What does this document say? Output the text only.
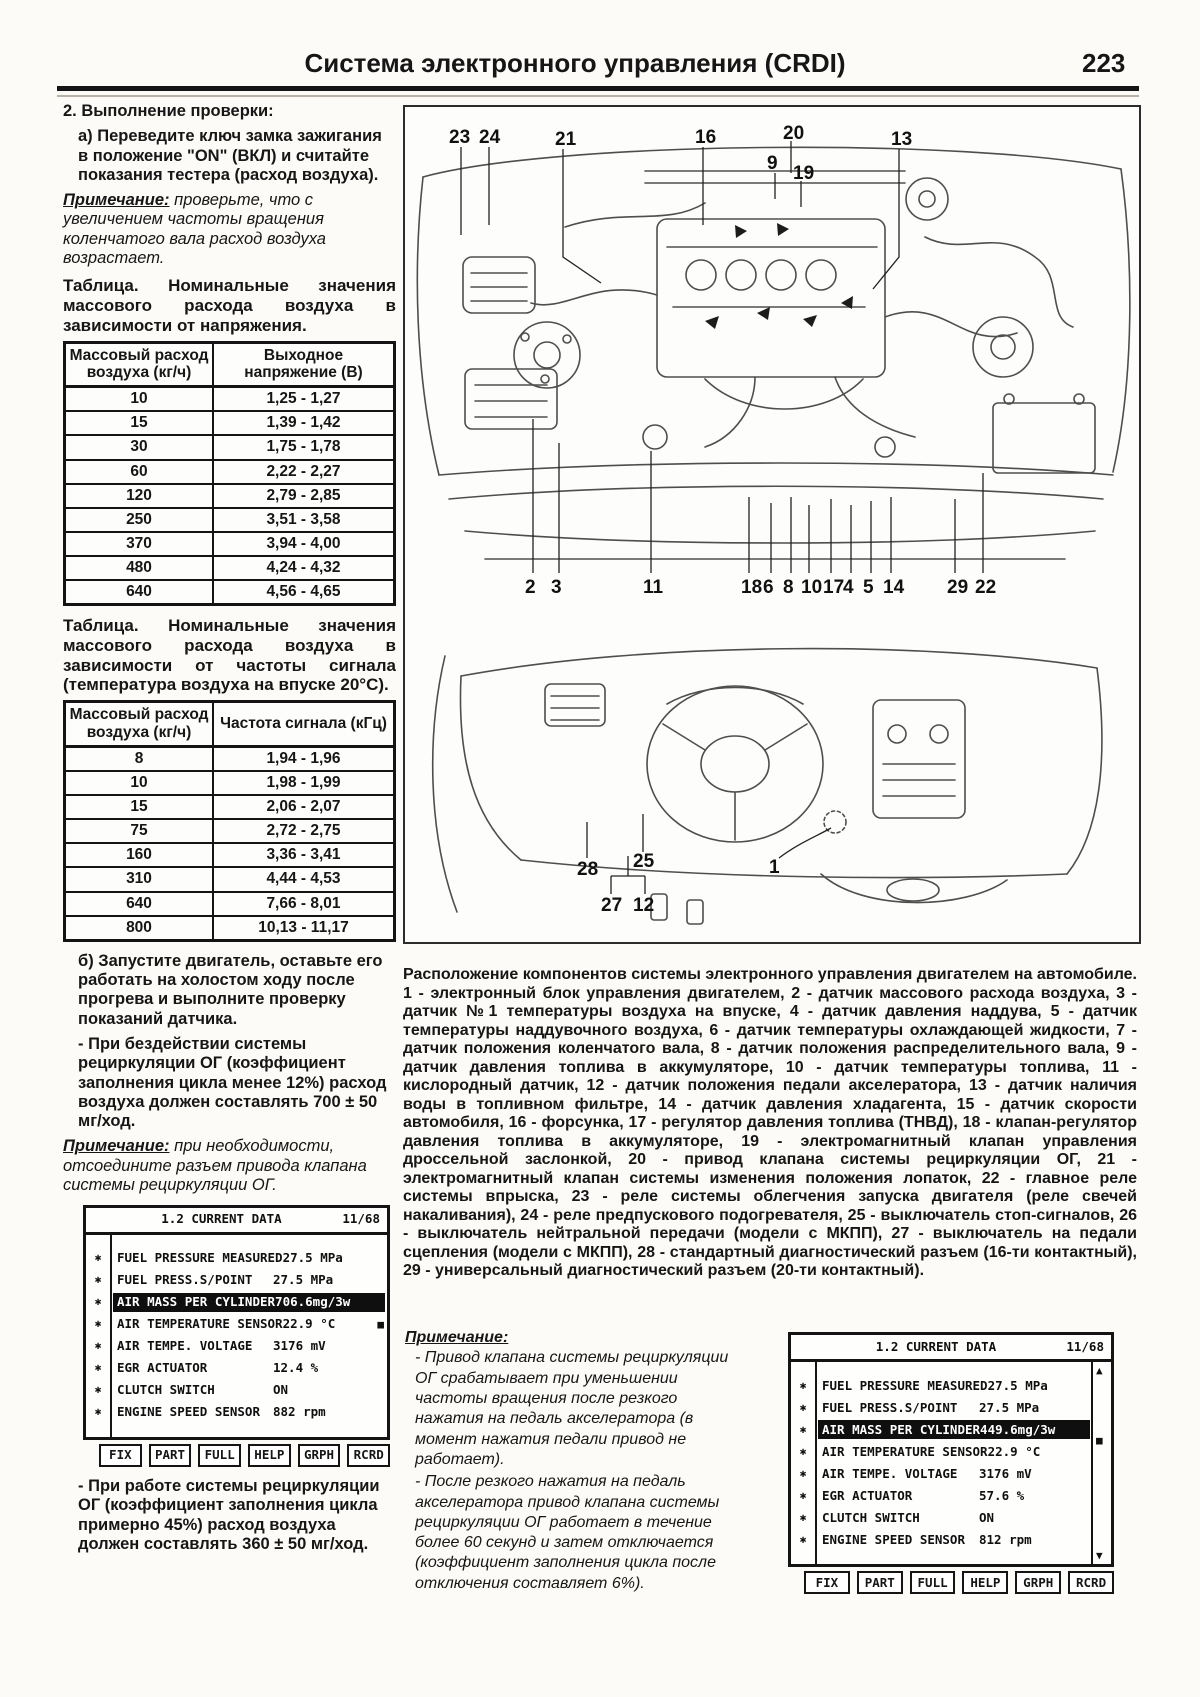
Система электронного управления (CRDI)	223

2. Выполнение проверки:

а) Переведите ключ замка зажигания в положение "ON" (ВКЛ) и считайте показания тестера (расход воздуха).

Примечание: проверьте, что с увеличением частоты вращения коленчатого вала расход воздуха возрастает.

Таблица. Номинальные значения массового расхода воздуха в зависимости от напряжения.

Массовый расход воздуха (кг/ч)	Выходное напряжение (В)
10	1,25 - 1,27
15	1,39 - 1,42
30	1,75 - 1,78
60	2,22 - 2,27
120	2,79 - 2,85
250	3,51 - 3,58
370	3,94 - 4,00
480	4,24 - 4,32
640	4,56 - 4,65

Таблица. Номинальные значения массового расхода воздуха в зависимости от частоты сигнала (температура воздуха на впуске 20°С).

Массовый расход воздуха (кг/ч)	Частота сигнала (кГц)
8	1,94 - 1,96
10	1,98 - 1,99
15	2,06 - 2,07
75	2,72 - 2,75
160	3,36 - 3,41
310	4,44 - 4,53
640	7,66 - 8,01
800	10,13 - 11,17

б) Запустите двигатель, оставьте его работать на холостом ходу после прогрева и выполните проверку показаний датчика.

- При бездействии системы рециркуляции ОГ (коэффициент заполнения цикла менее 12%) расход воздуха должен составлять 700 ± 50 мг/ход.

Примечание: при необходимости, отсоедините разъем привода клапана системы рециркуляции ОГ.

1.2 CURRENT DATA	11/68
■
✱	FUEL PRESSURE MEASURED 27.5 MPa
✱	FUEL PRESS.S/POINT	27.5 MPa
✱	AIR MASS PER CYLINDER 706.6mg/3w
✱	AIR TEMPERATURE SENSOR 22.9 °C
✱	AIR TEMPE. VOLTAGE	3176 mV
✱	EGR ACTUATOR	12.4 %
✱	CLUTCH SWITCH	ON
✱	ENGINE SPEED SENSOR	882 rpm
FIX	PART	FULL	HELP	GRPH	RCRD

- При работе системы рециркуляции ОГ (коэффициент заполнения цикла примерно 45%) расход воздуха должен составлять 360 ± 50 мг/ход.

23 24	21	16	20
9 19
13
2 3	11	18 6 8 10 17
4 5 14 29 22
28 25
27 12
1

Расположение компонентов системы электронного управления двигателем на автомобиле. 1 - электронный блок управления двигателем, 2 - датчик массового расхода воздуха, 3 - датчик №1 температуры воздуха на впуске, 4 - датчик давления наддува, 5 - датчик температуры наддувочного воздуха, 6 - датчик температуры охлаждающей жидкости, 7 - датчик положения коленчатого вала, 8 - датчик положения распределительного вала, 9 - датчик давления топлива в аккумуляторе, 10 - датчик температуры топлива, 11 - кислородный датчик, 12 - датчик положения педали акселератора, 13 - датчик наличия воды в топливном фильтре, 14 - датчик давления хладагента, 15 - датчик скорости автомобиля, 16 - форсунка, 17 - регулятор давления топлива (ТНВД), 18 - клапан-регулятор давления топлива в аккумуляторе, 19 - электромагнитный клапан управления дроссельной заслонкой, 20 - привод клапана системы рециркуляции ОГ, 21 - электромагнитный клапан системы изменения положения лопаток, 22 - главное реле системы впрыска, 23 - реле системы облегчения запуска двигателя (реле свечей накаливания), 24 - реле предпускового подогревателя, 25 - выключатель стоп-сигналов, 26 - выключатель нейтральной передачи (модели с МКПП), 27 - выключатель на педали сцепления (модели с МКПП), 28 - стандартный диагностический разъем (16-ти контактный), 29 - универсальный диагностический разъем (20-ти контактный).

Примечание:

- Привод клапана системы рециркуляции ОГ срабатывает при уменьшении частоты вращения после резкого нажатия на педаль акселератора (в момент нажатия педали привод не работает).

- После резкого нажатия на педаль акселератора привод клапана системы рециркуляции ОГ работает в течение более 60 секунд и затем отключается (коэффициент заполнения цикла после отключения составляет 6%).

1.2 CURRENT DATA	11/68
▲
■
▼
✱	FUEL PRESSURE MEASURED 27.5 MPa
✱	FUEL PRESS.S/POINT	27.5 MPa
✱	AIR MASS PER CYLINDER 449.6mg/3w
✱	AIR TEMPERATURE SENSOR 22.9 °C
✱	AIR TEMPE. VOLTAGE	3176 mV
✱	EGR ACTUATOR	57.6 %
✱	CLUTCH SWITCH	ON
✱	ENGINE SPEED SENSOR	812 rpm
FIX	PART	FULL	HELP	GRPH	RCRD
